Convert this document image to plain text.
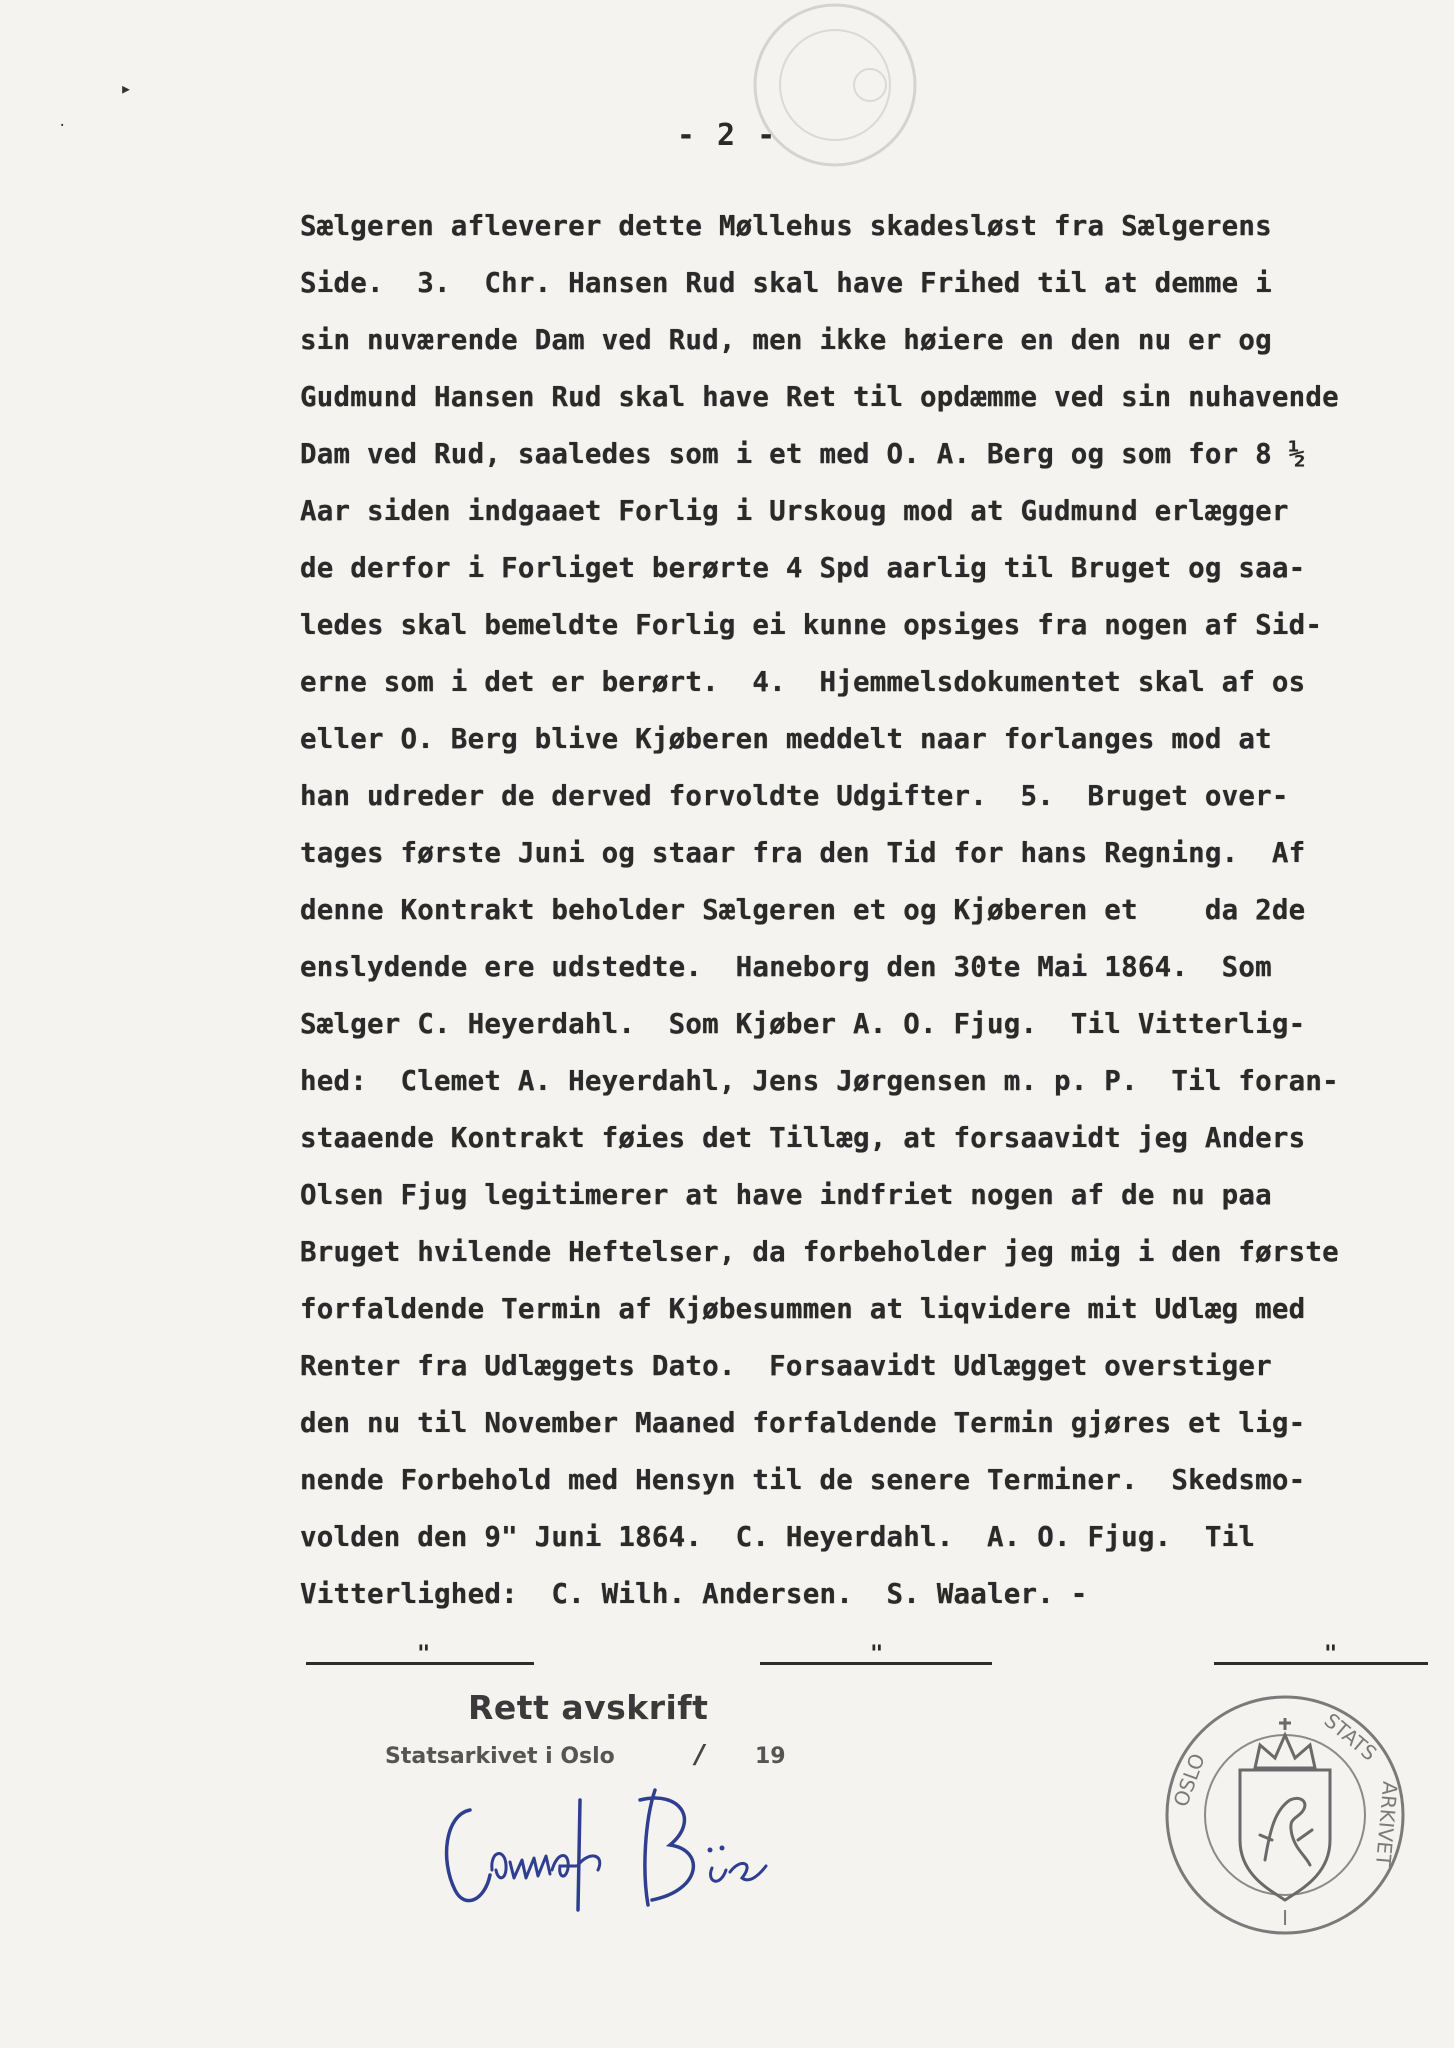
▸
·	- 2 -
Sælgeren afleverer dette Møllehus skadesløst fra Sælgerens
Side.  3.  Chr. Hansen Rud skal have Frihed til at demme i
sin nuværende Dam ved Rud, men ikke høiere en den nu er og
Gudmund Hansen Rud skal have Ret til opdæmme ved sin nuhavende
Dam ved Rud, saaledes som i et med O. A. Berg og som for 8 ½
Aar siden indgaaet Forlig i Urskoug mod at Gudmund erlægger
de derfor i Forliget berørte 4 Spd aarlig til Bruget og saa-
ledes skal bemeldte Forlig ei kunne opsiges fra nogen af Sid-
erne som i det er berørt.  4.  Hjemmelsdokumentet skal af os
eller O. Berg blive Kjøberen meddelt naar forlanges mod at
han udreder de derved forvoldte Udgifter.  5.  Bruget over-
tages første Juni og staar fra den Tid for hans Regning.  Af
denne Kontrakt beholder Sælgeren et og Kjøberen et    da 2de
enslydende ere udstedte.  Haneborg den 30te Mai 1864.  Som
Sælger C. Heyerdahl.  Som Kjøber A. O. Fjug.  Til Vitterlig-
hed:  Clemet A. Heyerdahl, Jens Jørgensen m. p. P.  Til foran-
staaende Kontrakt føies det Tillæg, at forsaavidt jeg Anders
Olsen Fjug legitimerer at have indfriet nogen af de nu paa
Bruget hvilende Heftelser, da forbeholder jeg mig i den første
forfaldende Termin af Kjøbesummen at liqvidere mit Udlæg med
Renter fra Udlæggets Dato.  Forsaavidt Udlægget overstiger
den nu til November Maaned forfaldende Termin gjøres et lig-
nende Forbehold med Hensyn til de senere Terminer.  Skedsmo-
volden den 9" Juni 1864.  C. Heyerdahl.  A. O. Fjug.  Til
Vitterlighed:  C. Wilh. Andersen.  S. Waaler. -
"	"	"
Rett avskrift
Statsarkivet i Oslo	/ 19	STATS
ARKIVET
I
OSLO
